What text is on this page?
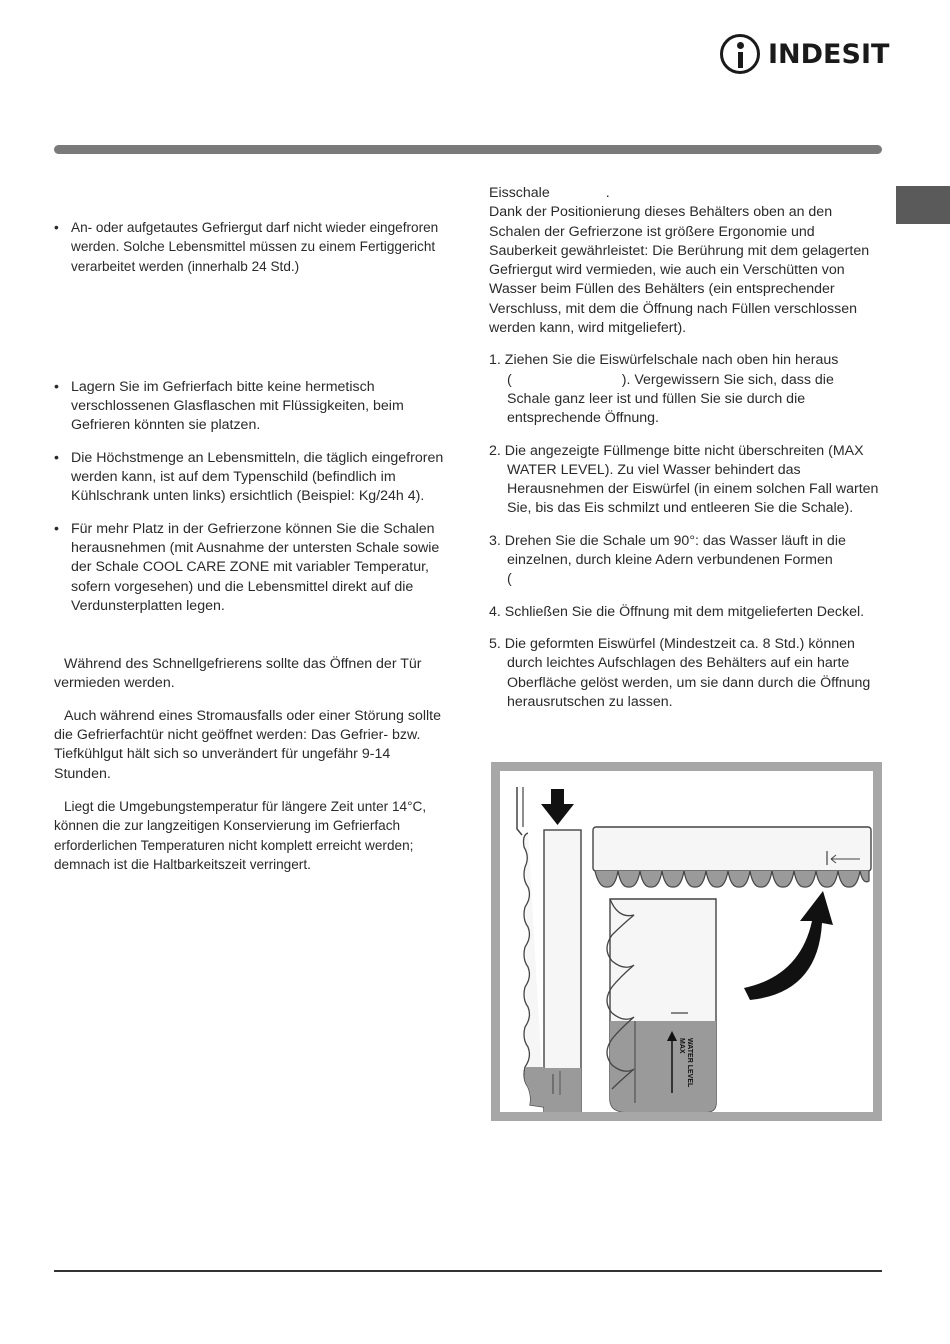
INDESIT
• An- oder aufgetautes Gefriergut darf nicht wieder eingefroren werden. Solche Lebensmittel müssen zu einem Fertiggericht verarbeitet werden (innerhalb 24 Std.)
• Lagern Sie im Gefrierfach bitte keine hermetisch verschlossenen Glasflaschen mit Flüssigkeiten, beim Gefrieren könnten sie platzen.
• Die Höchstmenge an Lebensmitteln, die täglich eingefroren werden kann, ist auf dem Typenschild (befindlich im Kühlschrank unten links) ersichtlich (Beispiel: Kg/24h 4).
• Für mehr Platz in der Gefrierzone können Sie die Schalen herausnehmen (mit Ausnahme der untersten Schale sowie der Schale COOL CARE ZONE mit variabler Temperatur, sofern vorgesehen) und die Lebensmittel direkt auf die Verdunsterplatten legen.

Während des Schnellgefrierens sollte das Öffnen der Tür vermieden werden.

Auch während eines Stromausfalls oder einer Störung sollte die Gefrierfachtür nicht geöffnet werden: Das Gefrier- bzw. Tiefkühlgut hält sich so unverändert für ungefähr 9-14 Stunden.

Liegt die Umgebungstemperatur für längere Zeit unter 14°C, können die zur langzeitigen Konservierung im Gefrierfach erforderlichen Temperaturen nicht komplett erreicht werden; demnach ist die Haltbarkeitszeit verringert.

Eisschale	.

Dank der Positionierung dieses Behälters oben an den Schalen der Gefrierzone ist größere Ergonomie und Sauberkeit gewährleistet: Die Berührung mit dem gelagerten Gefriergut wird vermieden, wie auch ein Verschütten von Wasser beim Füllen des Behälters (ein entsprechender Verschluss, mit dem die Öffnung nach Füllen verschlossen werden kann, wird mitgeliefert).

1. Ziehen Sie die Eiswürfelschale nach oben hin heraus
(	). Vergewissern Sie sich, dass die Schale ganz leer ist und füllen Sie sie durch die entsprechende Öffnung.
2. Die angezeigte Füllmenge bitte nicht überschreiten (MAX WATER LEVEL). Zu viel Wasser behindert das Herausnehmen der Eiswürfel (in einem solchen Fall warten Sie, bis das Eis schmilzt und entleeren Sie die Schale).
3. Drehen Sie die Schale um 90°: das Wasser läuft in die einzelnen, durch kleine Adern verbundenen Formen
(
4. Schließen Sie die Öffnung mit dem mitgelieferten Deckel.
5. Die geformten Eiswürfel (Mindestzeit ca. 8 Std.) können durch leichtes Aufschlagen des Behälters auf ein harte Oberfläche gelöst werden, um sie dann durch die Öffnung herausrutschen zu lassen.
MAX WATER LEVEL
